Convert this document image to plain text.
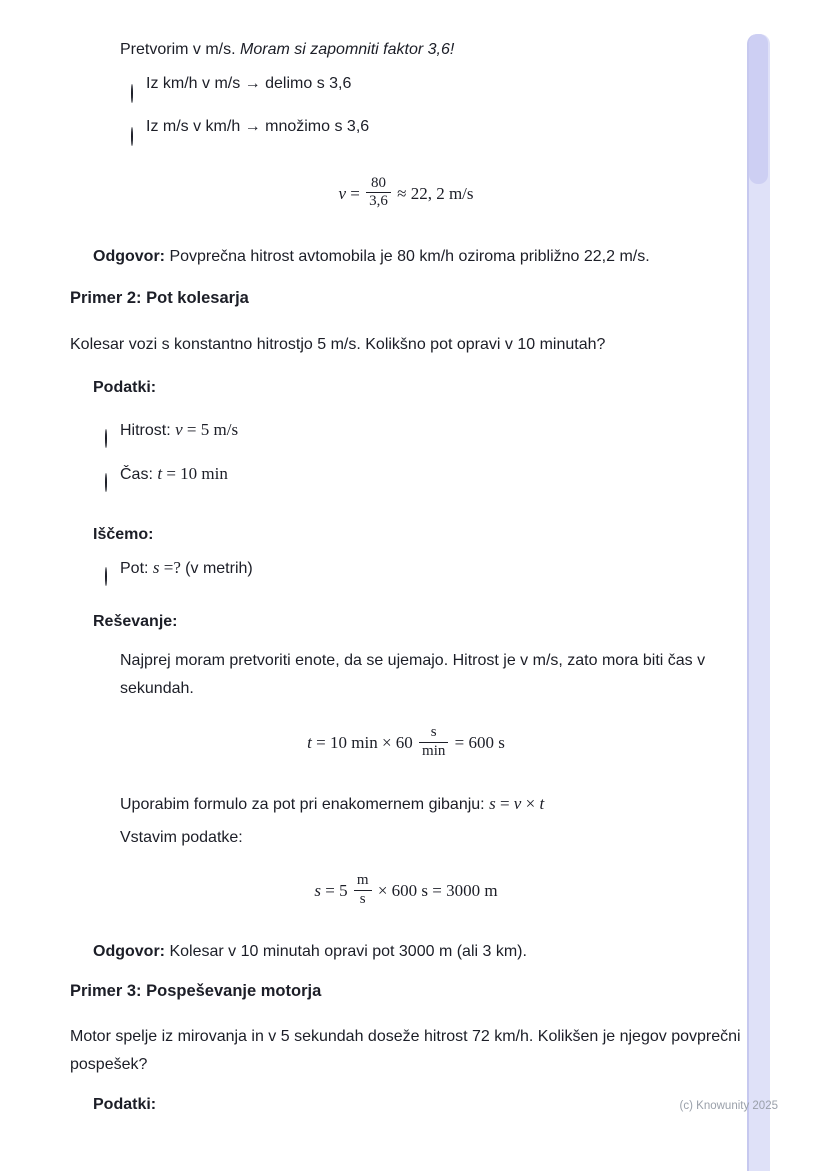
Pretvorim v m/s. Moram si zapomniti faktor 3,6!
Iz km/h v m/s → delimo s 3,6
Iz m/s v km/h → množimo s 3,6
$v = \frac{80}{3,6} \approx 22$, 2 m/s
Odgovor: Povprečna hitrost avtomobila je 80 km/h oziroma približno 22,2 m/s.
Primer 2: Pot kolesarja
Kolesar vozi s konstantno hitrostjo 5 m/s. Kolikšno pot opravi v 10 minutah?
Podatki:
Hitrost: v = 5 m/s
Čas: t = 10 min
Iščemo:
Pot: s =? (v metrih)
Reševanje:
Najprej moram pretvoriti enote, da se ujemajo. Hitrost je v m/s, zato mora biti čas v sekundah.
t = 10 $\min \times 60 \frac{s}{\min} = 600$ s
Uporabim formulo za pot pri enakomernem gibanju: s = v × t
Vstavim podatke:
$s = 5 \frac{m}{s} \times 600$ s = 3000 m
Odgovor: Kolesar v 10 minutah opravi pot 3000 m (ali 3 km).
Primer 3: Pospeševanje motorja
Motor spelje iz mirovanja in v 5 sekundah doseže hitrost 72 km/h. Kolikšen je njegov povprečni pospešek?
Podatki:	(c) Knowunity 2025
